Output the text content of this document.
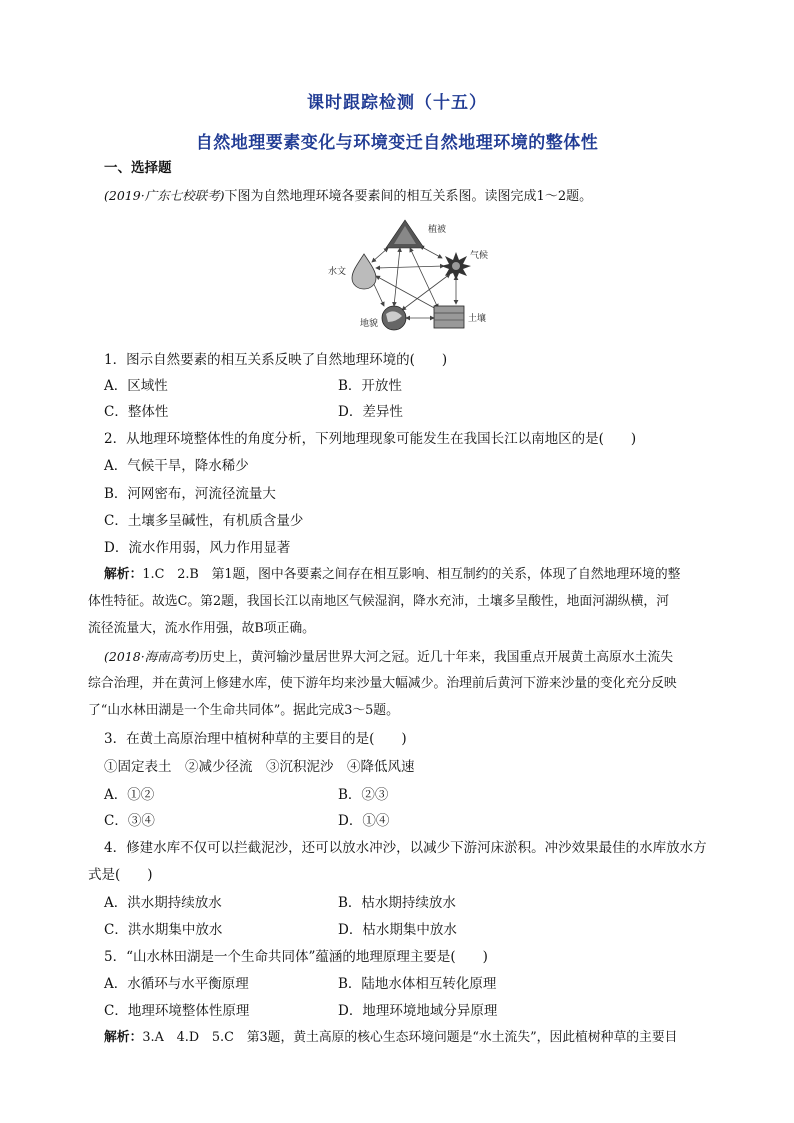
课时跟踪检测（十五）
自然地理要素变化与环境变迁自然地理环境的整体性
一、选择题
(2019·广东七校联考)下图为自然地理环境各要素间的相互关系图。读图完成1～2题。
植被
气候
水文
地貌	土壤
1．图示自然要素的相互关系反映了自然地理环境的(　　)
A．区域性	B．开放性
C．整体性	D．差异性
2．从地理环境整体性的角度分析，下列地理现象可能发生在我国长江以南地区的是(　　)
A．气候干旱，降水稀少
B．河网密布，河流径流量大
C．土壤多呈碱性，有机质含量少
D．流水作用弱，风力作用显著
解析：1.C　2.B　第1题，图中各要素之间存在相互影响、相互制约的关系，体现了自然地理环境的整
体性特征。故选C。第2题，我国长江以南地区气候湿润，降水充沛，土壤多呈酸性，地面河湖纵横，河
流径流量大，流水作用强，故B项正确。
(2018·海南高考)历史上，黄河输沙量居世界大河之冠。近几十年来，我国重点开展黄土高原水土流失
综合治理，并在黄河上修建水库，使下游年均来沙量大幅减少。治理前后黄河下游来沙量的变化充分反映
了“山水林田湖是一个生命共同体”。据此完成3～5题。
3．在黄土高原治理中植树种草的主要目的是(　　)
①固定表土　②减少径流　③沉积泥沙　④降低风速
A．①②	B．②③
C．③④	D．①④
4．修建水库不仅可以拦截泥沙，还可以放水冲沙，以减少下游河床淤积。冲沙效果最佳的水库放水方
式是(　　)
A．洪水期持续放水	B．枯水期持续放水
C．洪水期集中放水	D．枯水期集中放水
5．“山水林田湖是一个生命共同体”蕴涵的地理原理主要是(　　)
A．水循环与水平衡原理	B．陆地水体相互转化原理
C．地理环境整体性原理	D．地理环境地域分异原理
解析：3.A　4.D　5.C　第3题，黄土高原的核心生态环境问题是“水土流失”，因此植树种草的主要目
